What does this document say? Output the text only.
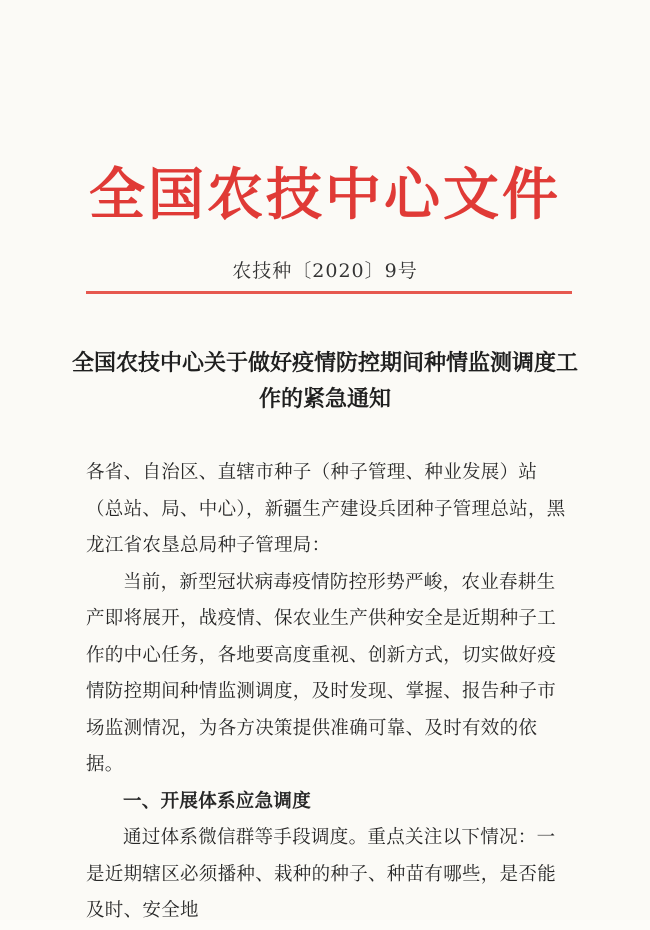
全国农技中心文件
农技种〔2020〕9号
全国农技中心关于做好疫情防控期间种情监测调度工作的紧急通知

各省、自治区、直辖市种子（种子管理、种业发展）站（总站、局、中心），新疆生产建设兵团种子管理总站，黑龙江省农垦总局种子管理局：

当前，新型冠状病毒疫情防控形势严峻，农业春耕生产即将展开，战疫情、保农业生产供种安全是近期种子工作的中心任务，各地要高度重视、创新方式，切实做好疫情防控期间种情监测调度，及时发现、掌握、报告种子市场监测情况，为各方决策提供准确可靠、及时有效的依据。

一、开展体系应急调度

通过体系微信群等手段调度。重点关注以下情况：一是近期辖区必须播种、栽种的种子、种苗有哪些，是否能及时、安全地
